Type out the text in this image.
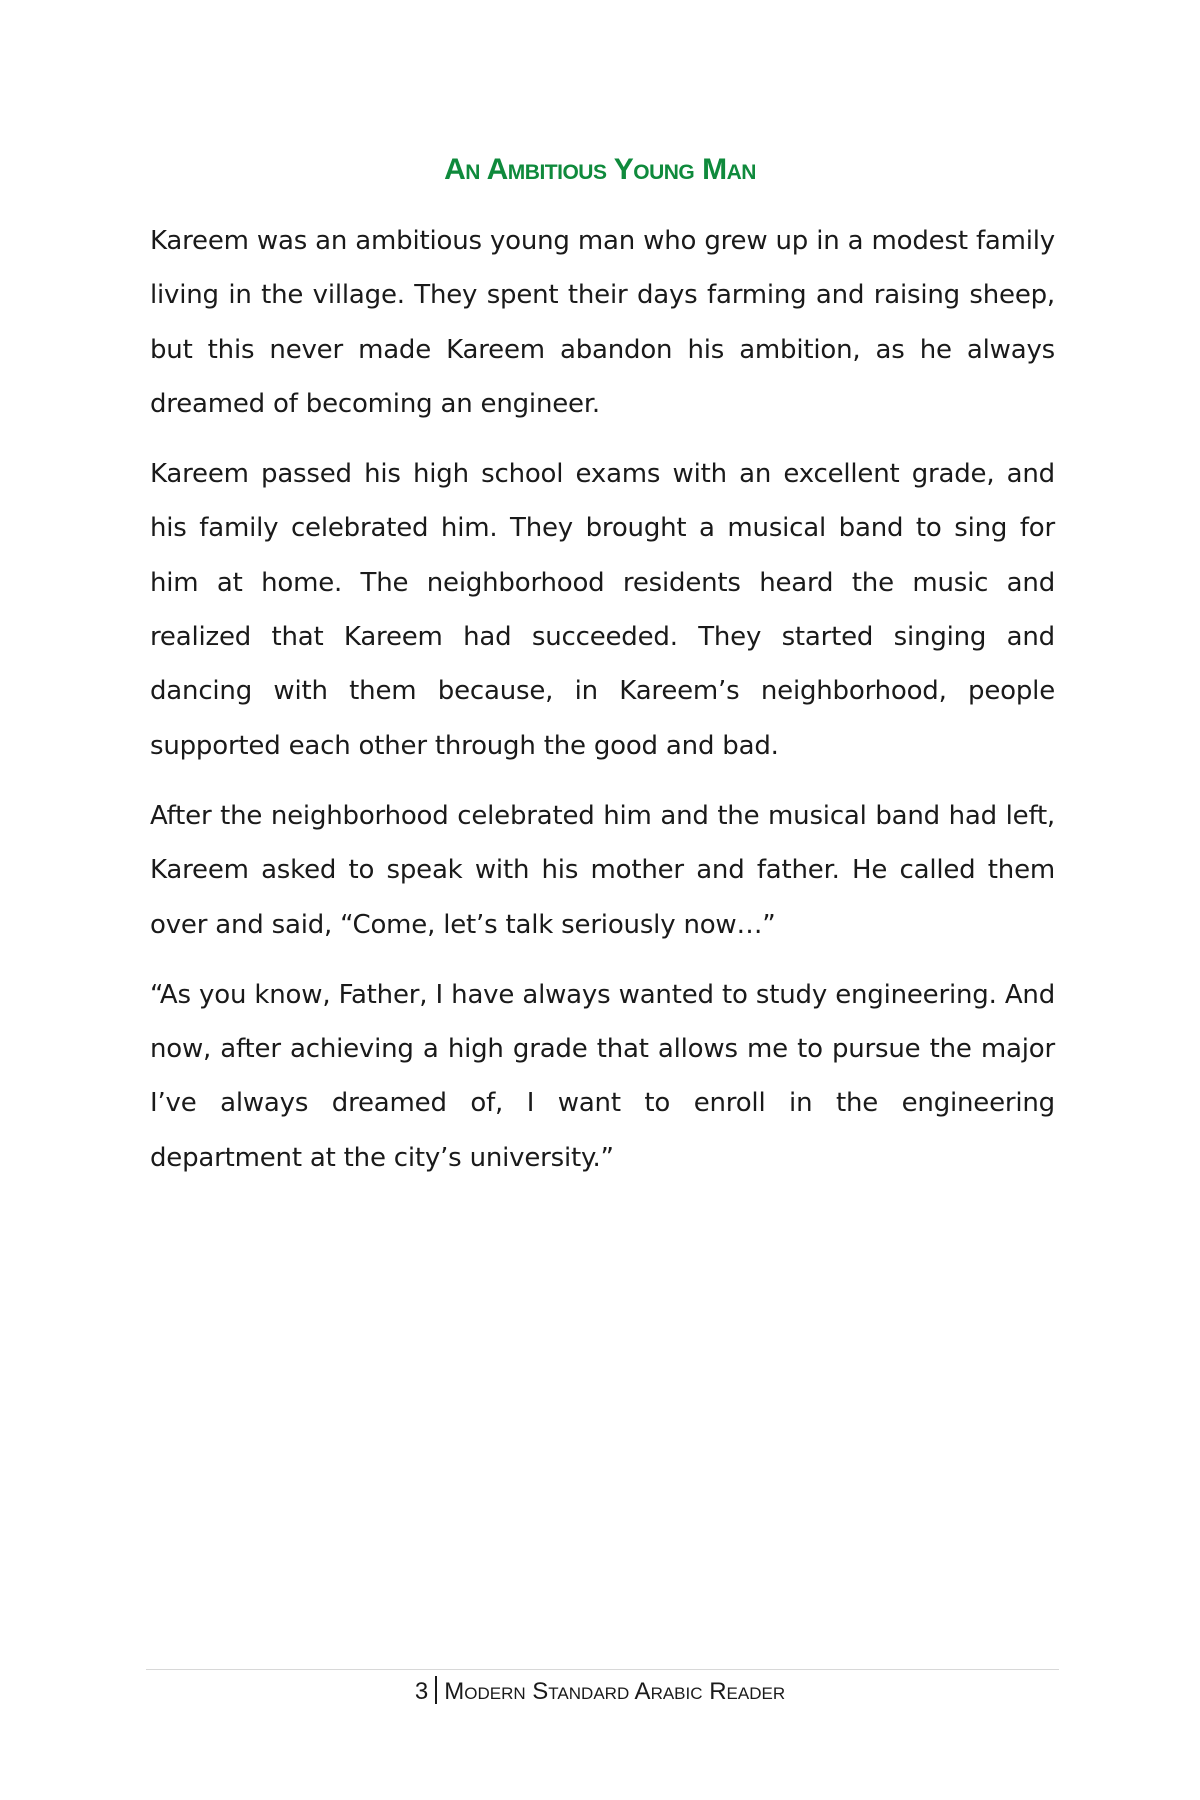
An Ambitious Young Man

Kareem was an ambitious young man who grew up in a modest family living in the village. They spent their days farming and raising sheep, but this never made Kareem abandon his ambition, as he always dreamed of becoming an engineer.

Kareem passed his high school exams with an excellent grade, and his family celebrated him. They brought a musical band to sing for him at home. The neighborhood residents heard the music and realized that Kareem had succeeded. They started singing and dancing with them because, in Kareem’s neighborhood, people supported each other through the good and bad.

After the neighborhood celebrated him and the musical band had left, Kareem asked to speak with his mother and father. He called them over and said, “Come, let’s talk seriously now…”

“As you know, Father, I have always wanted to study engineering. And now, after achieving a high grade that allows me to pursue the major I’ve always dreamed of, I want to enroll in the engineering department at the city’s university.”

3 Modern Standard Arabic Reader
